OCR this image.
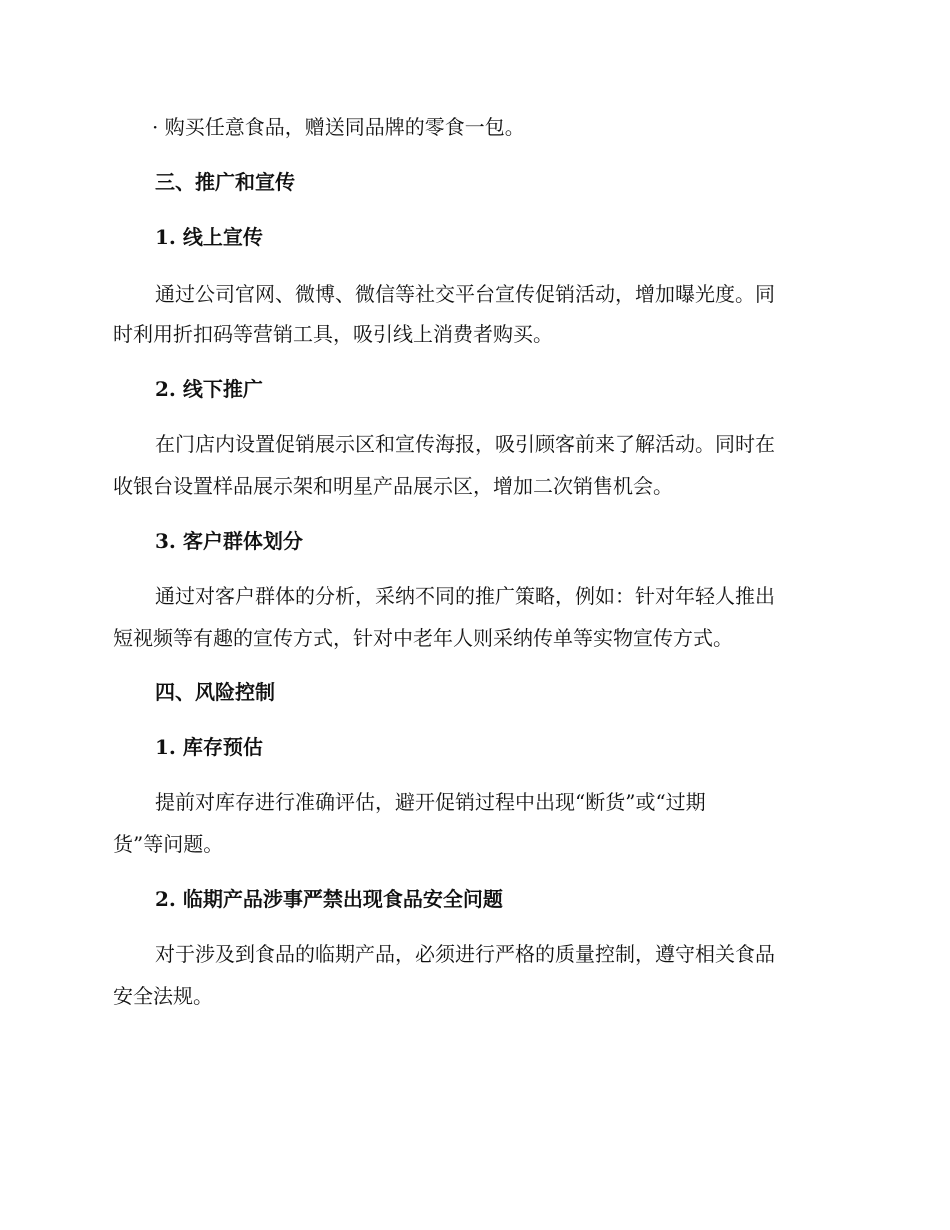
· 购买任意食品，赠送同品牌的零食一包。
三、推广和宣传
1. 线上宣传
通过公司官网、微博、微信等社交平台宣传促销活动，增加曝光度。同
时利用折扣码等营销工具，吸引线上消费者购买。
2. 线下推广
在门店内设置促销展示区和宣传海报，吸引顾客前来了解活动。同时在
收银台设置样品展示架和明星产品展示区，增加二次销售机会。
3. 客户群体划分
通过对客户群体的分析，采纳不同的推广策略，例如：针对年轻人推出
短视频等有趣的宣传方式，针对中老年人则采纳传单等实物宣传方式。
四、风险控制
1. 库存预估
提前对库存进行准确评估，避开促销过程中出现“断货”或“过期
货”等问题。
2. 临期产品涉事严禁出现食品安全问题
对于涉及到食品的临期产品，必须进行严格的质量控制，遵守相关食品
安全法规。
